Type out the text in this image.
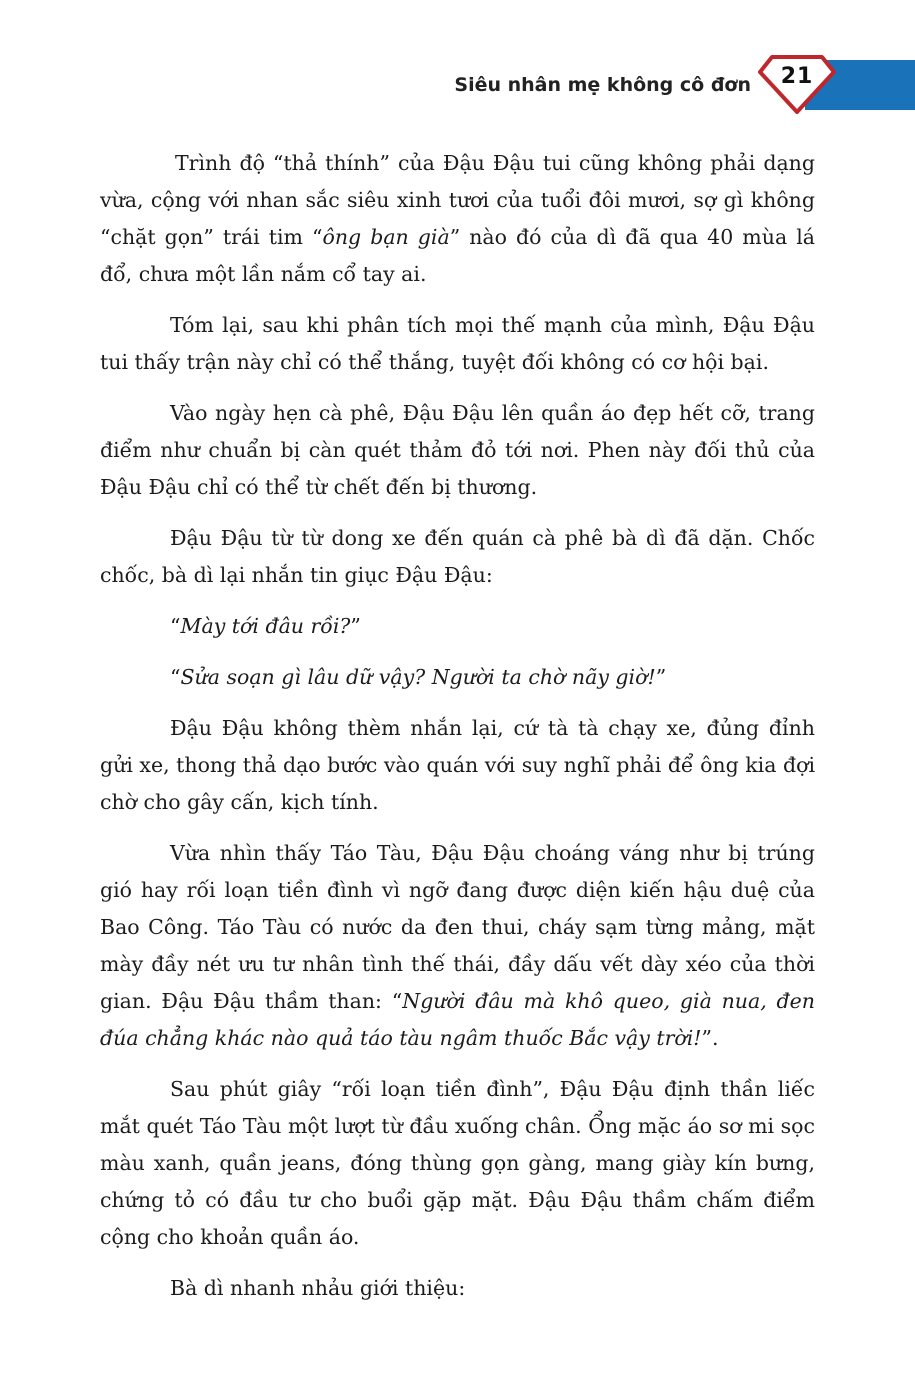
Siêu nhân mẹ không cô đơn	21

Trình độ “thả thính” của Đậu Đậu tui cũng không phải dạng vừa, cộng với nhan sắc siêu xinh tươi của tuổi đôi mươi, sợ gì không “chặt gọn” trái tim “ông bạn già” nào đó của dì đã qua 40 mùa lá đổ, chưa một lần nắm cổ tay ai.

Tóm lại, sau khi phân tích mọi thế mạnh của mình, Đậu Đậu tui thấy trận này chỉ có thể thắng, tuyệt đối không có cơ hội bại.

Vào ngày hẹn cà phê, Đậu Đậu lên quần áo đẹp hết cỡ, trang điểm như chuẩn bị càn quét thảm đỏ tới nơi. Phen này đối thủ của Đậu Đậu chỉ có thể từ chết đến bị thương.

Đậu Đậu từ từ dong xe đến quán cà phê bà dì đã dặn. Chốc chốc, bà dì lại nhắn tin giục Đậu Đậu:

“Mày tới đâu rồi?”

“Sửa soạn gì lâu dữ vậy? Người ta chờ nãy giờ!”

Đậu Đậu không thèm nhắn lại, cứ tà tà chạy xe, đủng đỉnh gửi xe, thong thả dạo bước vào quán với suy nghĩ phải để ông kia đợi chờ cho gây cấn, kịch tính.

Vừa nhìn thấy Táo Tàu, Đậu Đậu choáng váng như bị trúng gió hay rối loạn tiền đình vì ngỡ đang được diện kiến hậu duệ của Bao Công. Táo Tàu có nước da đen thui, cháy sạm từng mảng, mặt mày đầy nét ưu tư nhân tình thế thái, đầy dấu vết dày xéo của thời gian. Đậu Đậu thầm than: “Người đâu mà khô queo, già nua, đen đúa chẳng khác nào quả táo tàu ngâm thuốc Bắc vậy trời!”.

Sau phút giây “rối loạn tiền đình”, Đậu Đậu định thần liếc mắt quét Táo Tàu một lượt từ đầu xuống chân. Ổng mặc áo sơ mi sọc màu xanh, quần jeans, đóng thùng gọn gàng, mang giày kín bưng, chứng tỏ có đầu tư cho buổi gặp mặt. Đậu Đậu thầm chấm điểm cộng cho khoản quần áo.

Bà dì nhanh nhảu giới thiệu:
